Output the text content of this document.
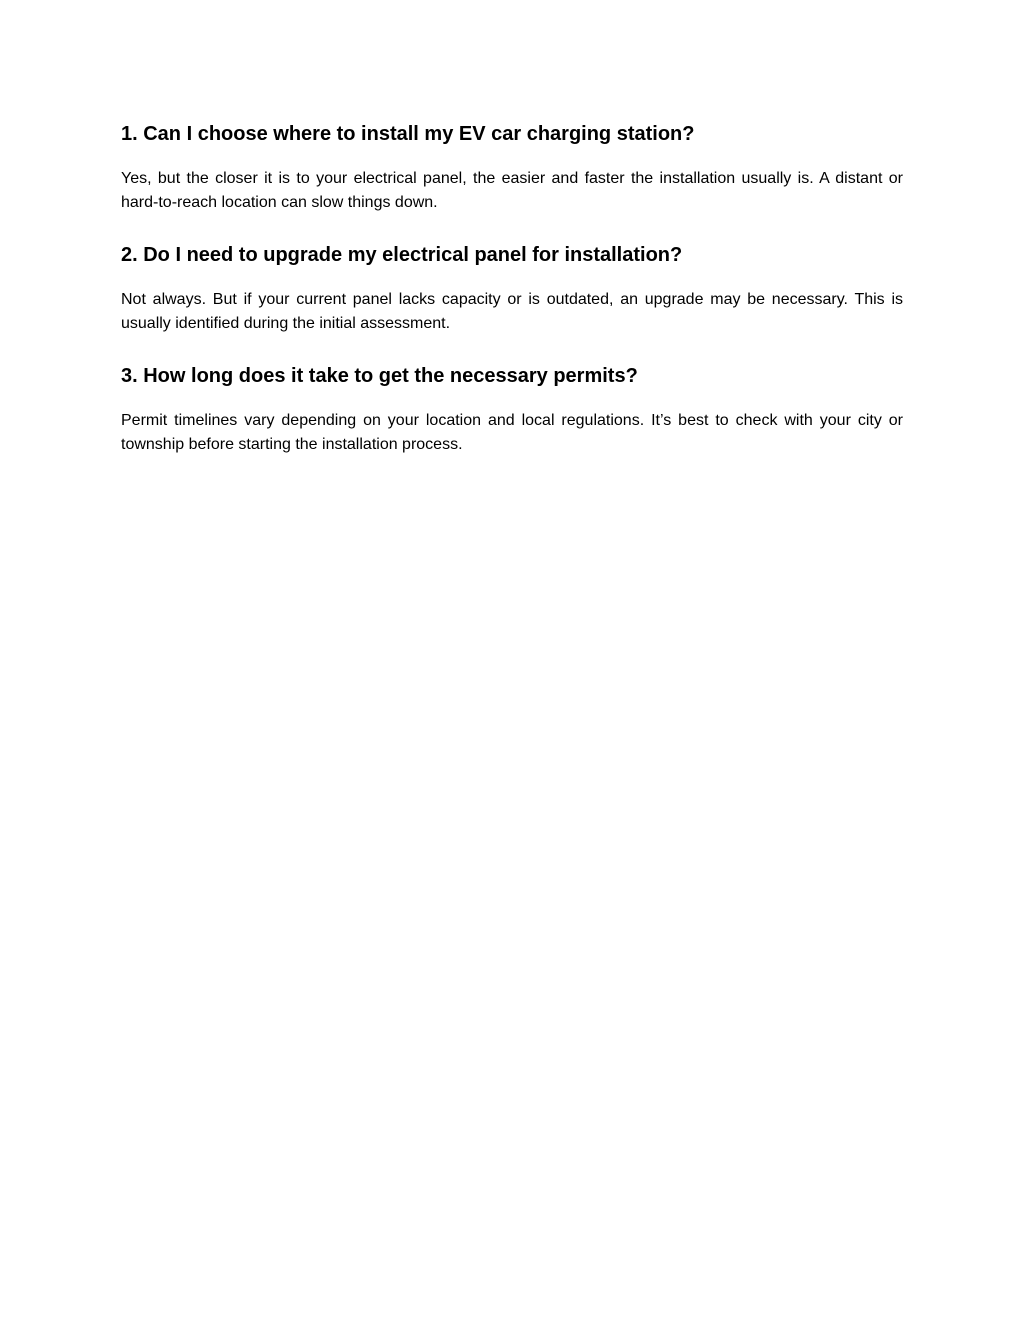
1. Can I choose where to install my EV car charging station?

Yes, but the closer it is to your electrical panel, the easier and faster the installation usually is. A distant or hard-to-reach location can slow things down.

2. Do I need to upgrade my electrical panel for installation?

Not always. But if your current panel lacks capacity or is outdated, an upgrade may be necessary. This is usually identified during the initial assessment.

3. How long does it take to get the necessary permits?

Permit timelines vary depending on your location and local regulations. It’s best to check with your city or township before starting the installation process.
